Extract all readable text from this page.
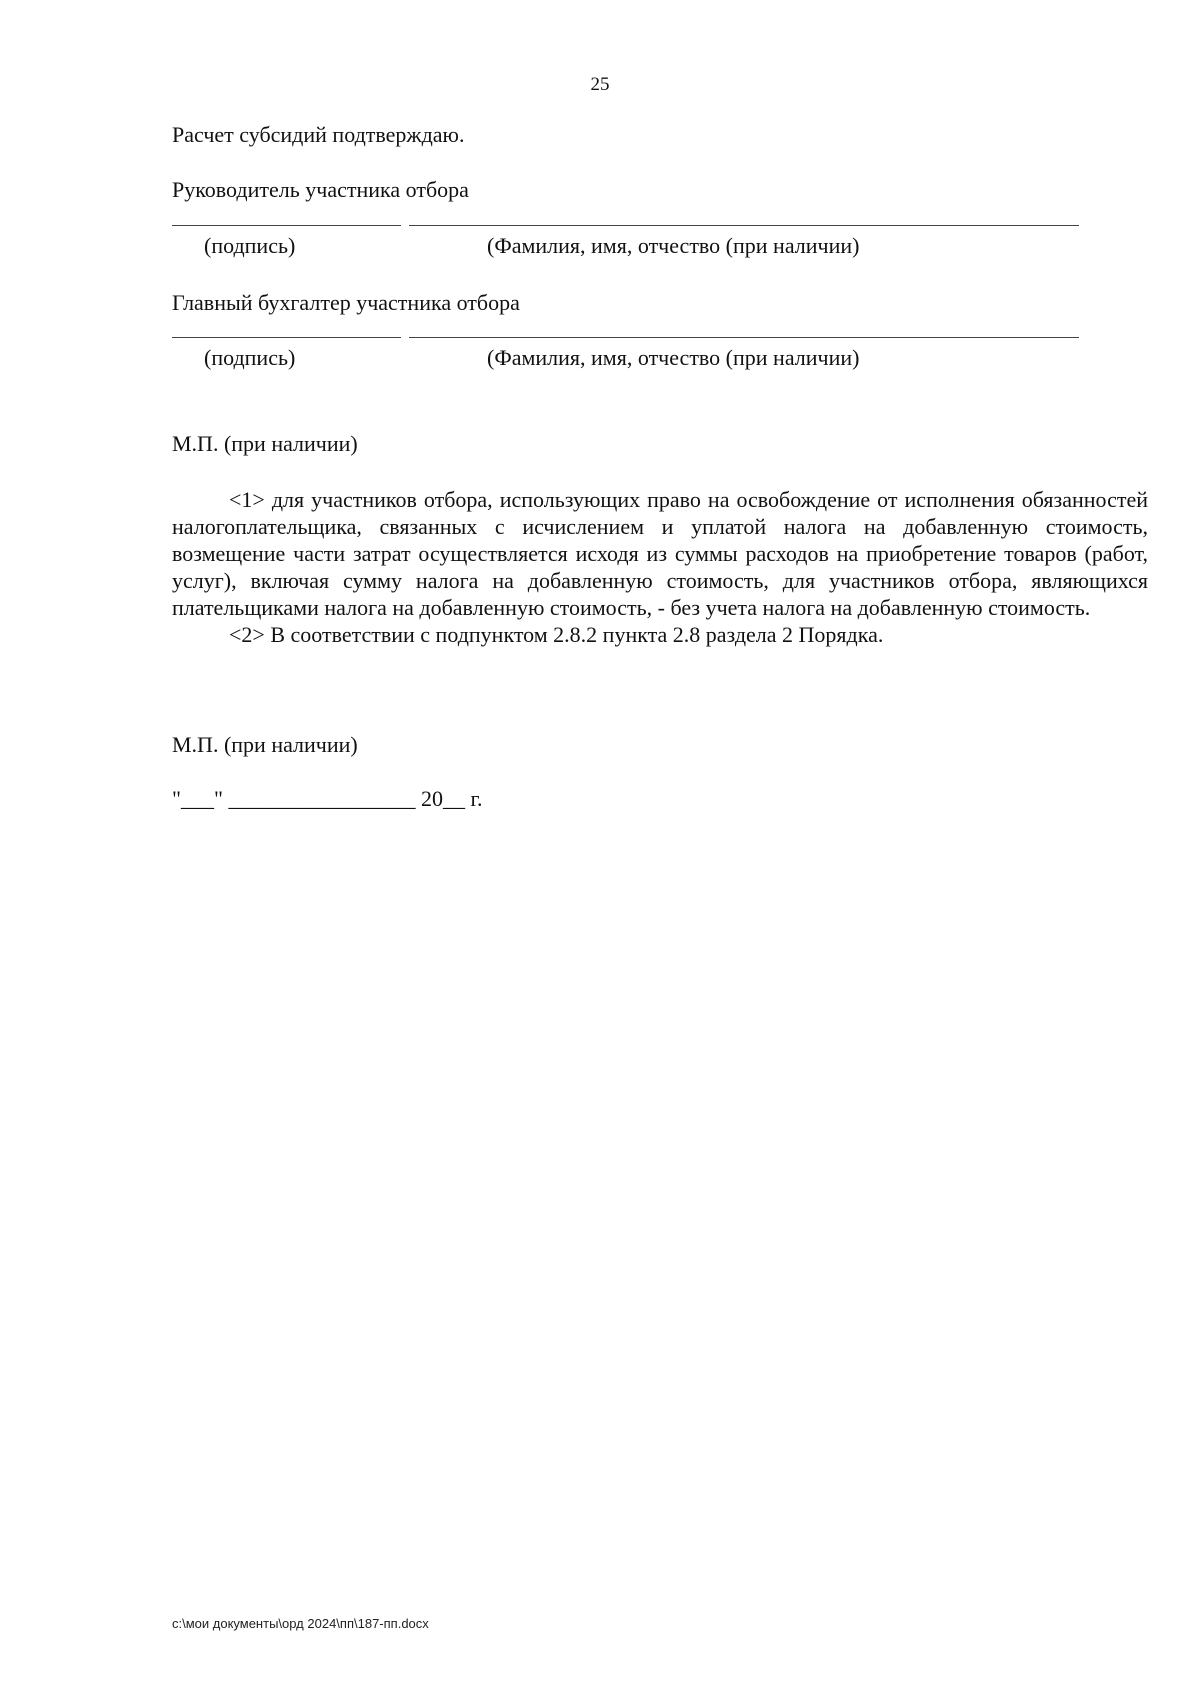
25
Расчет субсидий подтверждаю.
Руководитель участника отбора
(подпись)	(Фамилия, имя, отчество (при наличии)
Главный бухгалтер участника отбора
(подпись)	(Фамилия, имя, отчество (при наличии)
М.П. (при наличии)

<1> для участников отбора, использующих право на освобождение от исполнения обязанностей налогоплательщика, связанных с исчислением и уплатой налога на добавленную стоимость, возмещение части затрат осуществляется исходя из суммы расходов на приобретение товаров (работ, услуг), включая сумму налога на добавленную стоимость, для участников отбора, являющихся плательщиками налога на добавленную стоимость, - без учета налога на добавленную стоимость.

<2> В соответствии с подпунктом 2.8.2 пункта 2.8 раздела 2 Порядка.

М.П. (при наличии)
"___" _________________ 20__ г.
c:\мои документы\орд 2024\пп\187-пп.docx
